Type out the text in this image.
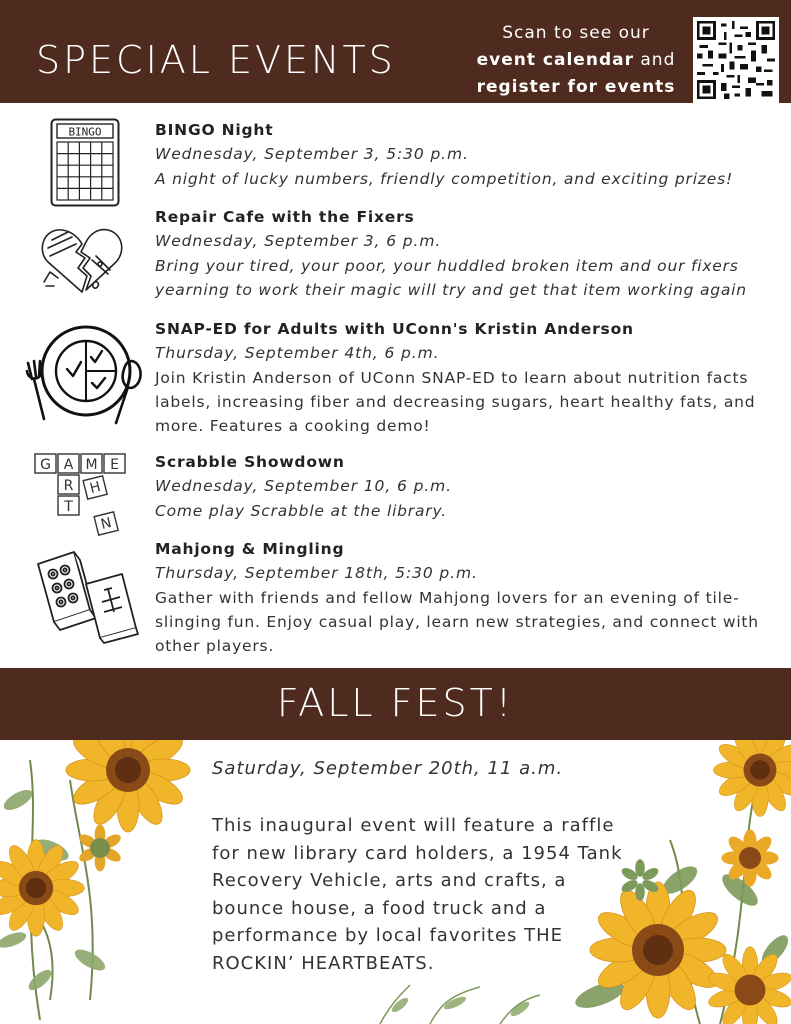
SPECIAL EVENTS
Scan to see our
event calendar and
register for events
BINGO	BINGO Night
Wednesday, September 3, 5:30 p.m.
A night of lucky numbers, friendly competition, and exciting prizes!
Repair Cafe with the Fixers
Wednesday, September 3, 6 p.m.
Bring your tired, your poor, your huddled broken item and our fixers yearning to work their magic will try and get that item working again
SNAP-ED for Adults with UConn's Kristin Anderson
Thursday, September 4th, 6 p.m.
Join Kristin Anderson of UConn SNAP-ED to learn about nutrition facts labels, increasing fiber and decreasing sugars, heart healthy fats, and more. Features a cooking demo!
G A M E
R
T
H
N
Scrabble Showdown
Wednesday, September 10, 6 p.m.
Come play Scrabble at the library.
Mahjong & Mingling
Thursday, September 18th, 5:30 p.m.
Gather with friends and fellow Mahjong lovers for an evening of tile-slinging fun. Enjoy casual play, learn new strategies, and connect with other players.
FALL FEST!
Saturday, September 20th, 11 a.m.
This inaugural event will feature a raffle for new library card holders, a 1954 Tank Recovery Vehicle, arts and crafts, a bounce house, a food truck and a performance by local favorites THE ROCKIN’ HEARTBEATS.
